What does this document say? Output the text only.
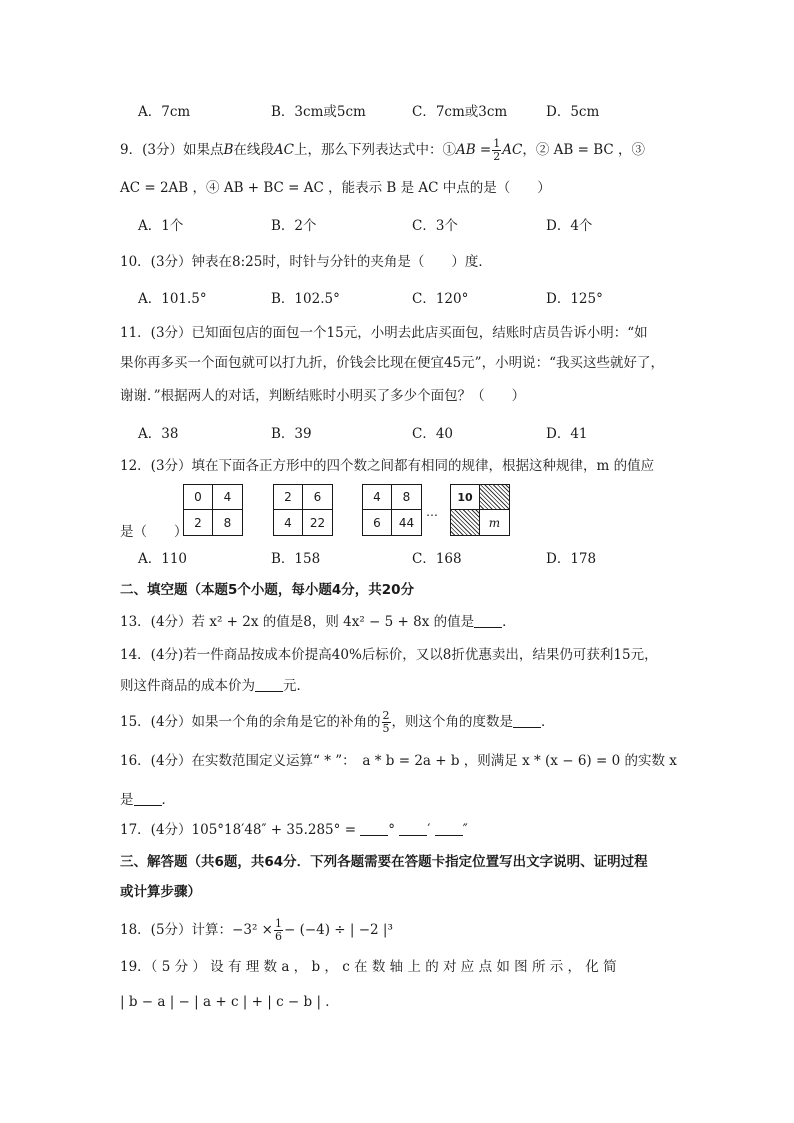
A．7cm	B．3cm或5cm	C．7cm或3cm	D．5cm
9．(3分）如果点B在线段AC上，那么下列表达式中：①AB = $\frac{1}{2}$ AC，② AB = BC ，③
AC = 2AB ，④ AB + BC = AC ，能表示 B 是 AC 中点的是（　　）
A．1个	B．2个	C．3个	D．4个
10．(3分）钟表在8:25时，时针与分针的夹角是（　　）度．
A．101.5°	B．102.5°	C．120°	D．125°
11．(3分）已知面包店的面包一个15元，小明去此店买面包，结账时店员告诉小明：“如
果你再多买一个面包就可以打九折，价钱会比现在便宜45元”，小明说：“我买这些就好了，
谢谢．”根据两人的对话，判断结账时小明买了多少个面包？（　　）
A．38	B．39	C．40	D．41
12．(3分）填在下面各正方形中的四个数之间都有相同的规律，根据这种规律，m 的值应
0	4
2	8
2	6
4	22
4	8
6	44
…
10
m
是（　　）
A．110	B．158	C．168	D．178
二、填空题（本题5个小题，每小题4分，共20分
13．(4分）若 x² + 2x 的值是8，则 4x² − 5 + 8x 的值是 ．
14．(4分)若一件商品按成本价提高40%后标价，又以8折优惠卖出，结果仍可获利15元，
则这件商品的成本价为 元．
15．(4分）如果一个角的余角是它的补角的 $\frac{2}{5}$ ，则这个角的度数是 ．
16．(4分）在实数范围定义运算“ * ”：　a * b = 2a + b ，则满足 x * (x − 6) = 0 的实数 x
是 ．
17．(4分）105°18′48″ + 35.285° = ° ′ ″
三、解答题（共6题，共64分．下列各题需要在答题卡指定位置写出文字说明、证明过程
或计算步骤）
18．(5分）计算：$-3^2 \times \frac{1}{6} - (-4)$ ÷ | −2 |³
19．（ 5 分 ） 设 有 理 数 a ， b ， c 在 数 轴 上 的 对 应 点 如 图 所 示 ， 化 简
| b − a | − | a + c | + | c − b | ．
